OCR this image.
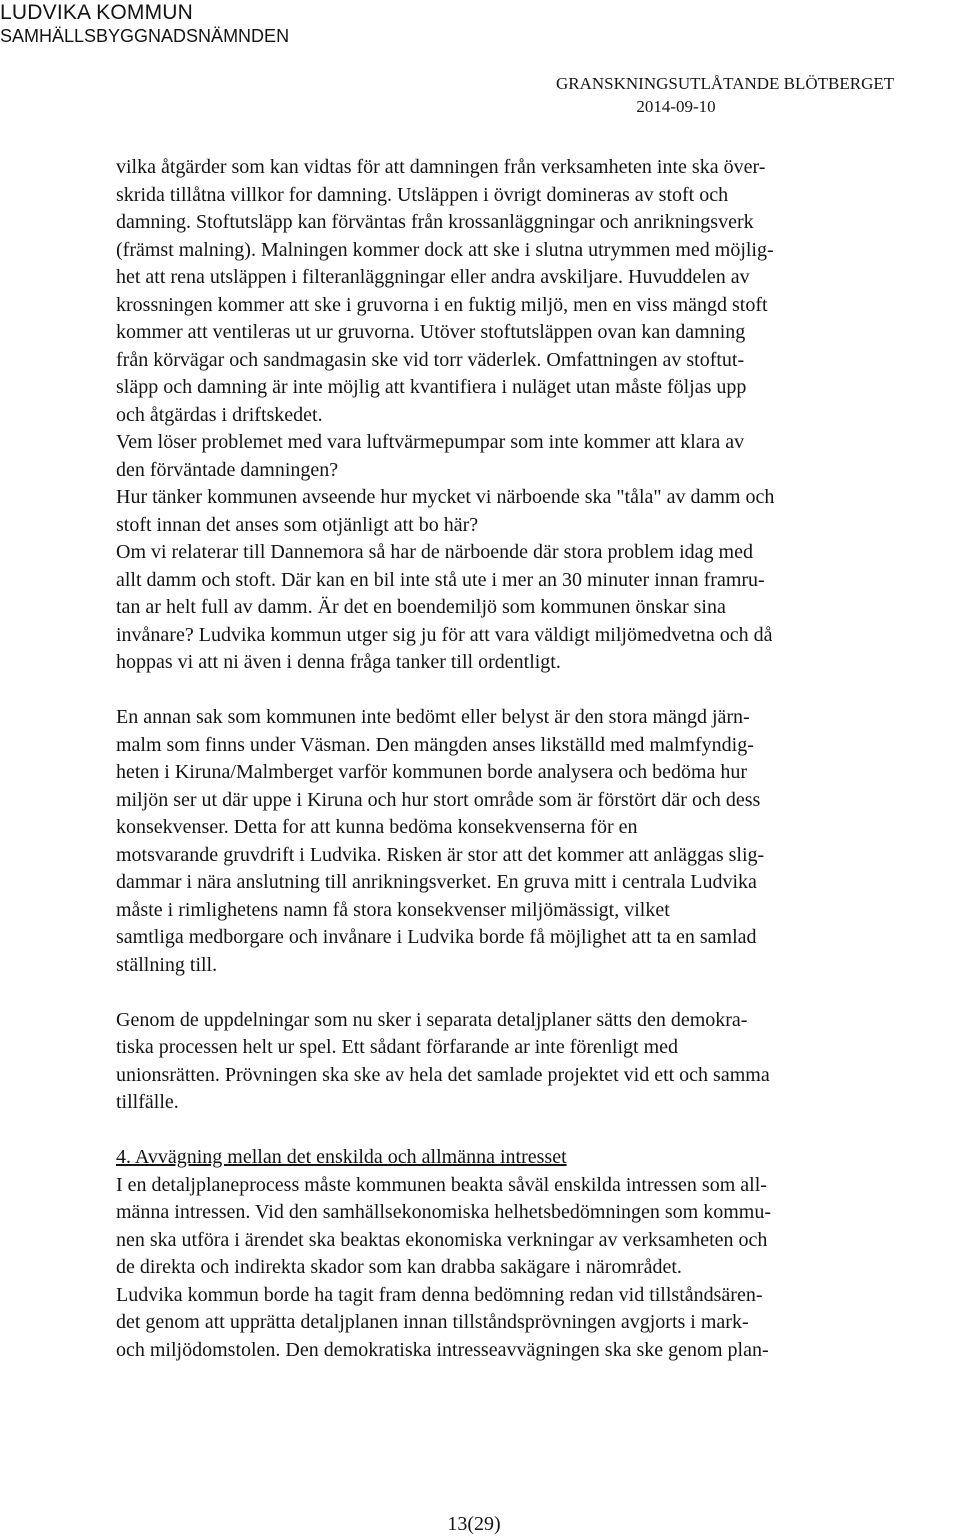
LUDVIKA KOMMUN
SAMHÄLLSBYGGNADSNÄMNDEN
GRANSKNINGSUTLÅTANDE BLÖTBERGET
2014-09-10

vilka åtgärder som kan vidtas för att damningen från verksamheten inte ska över-

skrida tillåtna villkor for damning. Utsläppen i övrigt domineras av stoft och

damning. Stoftutsläpp kan förväntas från krossanläggningar och anrikningsverk

(främst malning). Malningen kommer dock att ske i slutna utrymmen med möjlig-

het att rena utsläppen i filteranläggningar eller andra avskiljare. Huvuddelen av

krossningen kommer att ske i gruvorna i en fuktig miljö, men en viss mängd stoft

kommer att ventileras ut ur gruvorna. Utöver stoftutsläppen ovan kan damning

från körvägar och sandmagasin ske vid torr väderlek. Omfattningen av stoftut-

släpp och damning är inte möjlig att kvantifiera i nuläget utan måste följas upp

och åtgärdas i driftskedet.

Vem löser problemet med vara luftvärmepumpar som inte kommer att klara av

den förväntade damningen?

Hur tänker kommunen avseende hur mycket vi närboende ska "tåla" av damm och

stoft innan det anses som otjänligt att bo här?

Om vi relaterar till Dannemora så har de närboende där stora problem idag med

allt damm och stoft. Där kan en bil inte stå ute i mer an 30 minuter innan framru-

tan ar helt full av damm. Är det en boendemiljö som kommunen önskar sina

invånare? Ludvika kommun utger sig ju för att vara väldigt miljömedvetna och då

hoppas vi att ni även i denna fråga tanker till ordentligt.

En annan sak som kommunen inte bedömt eller belyst är den stora mängd järn-

malm som finns under Väsman. Den mängden anses likställd med malmfyndig-

heten i Kiruna/Malmberget varför kommunen borde analysera och bedöma hur

miljön ser ut där uppe i Kiruna och hur stort område som är förstört där och dess

konsekvenser. Detta for att kunna bedöma konsekvenserna för en

motsvarande gruvdrift i Ludvika. Risken är stor att det kommer att anläggas slig-

dammar i nära anslutning till anrikningsverket. En gruva mitt i centrala Ludvika

måste i rimlighetens namn få stora konsekvenser miljömässigt, vilket

samtliga medborgare och invånare i Ludvika borde få möjlighet att ta en samlad

ställning till.

Genom de uppdelningar som nu sker i separata detaljplaner sätts den demokra-

tiska processen helt ur spel. Ett sådant förfarande ar inte förenligt med

unionsrätten. Prövningen ska ske av hela det samlade projektet vid ett och samma

tillfälle.

4. Avvägning mellan det enskilda och allmänna intresset

I en detaljplaneprocess måste kommunen beakta såväl enskilda intressen som all-

männa intressen. Vid den samhällsekonomiska helhetsbedömningen som kommu-

nen ska utföra i ärendet ska beaktas ekonomiska verkningar av verksamheten och

de direkta och indirekta skador som kan drabba sakägare i närområdet.

Ludvika kommun borde ha tagit fram denna bedömning redan vid tillståndsären-

det genom att upprätta detaljplanen innan tillståndsprövningen avgjorts i mark-

och miljödomstolen. Den demokratiska intresseavvägningen ska ske genom plan-

13(29)
